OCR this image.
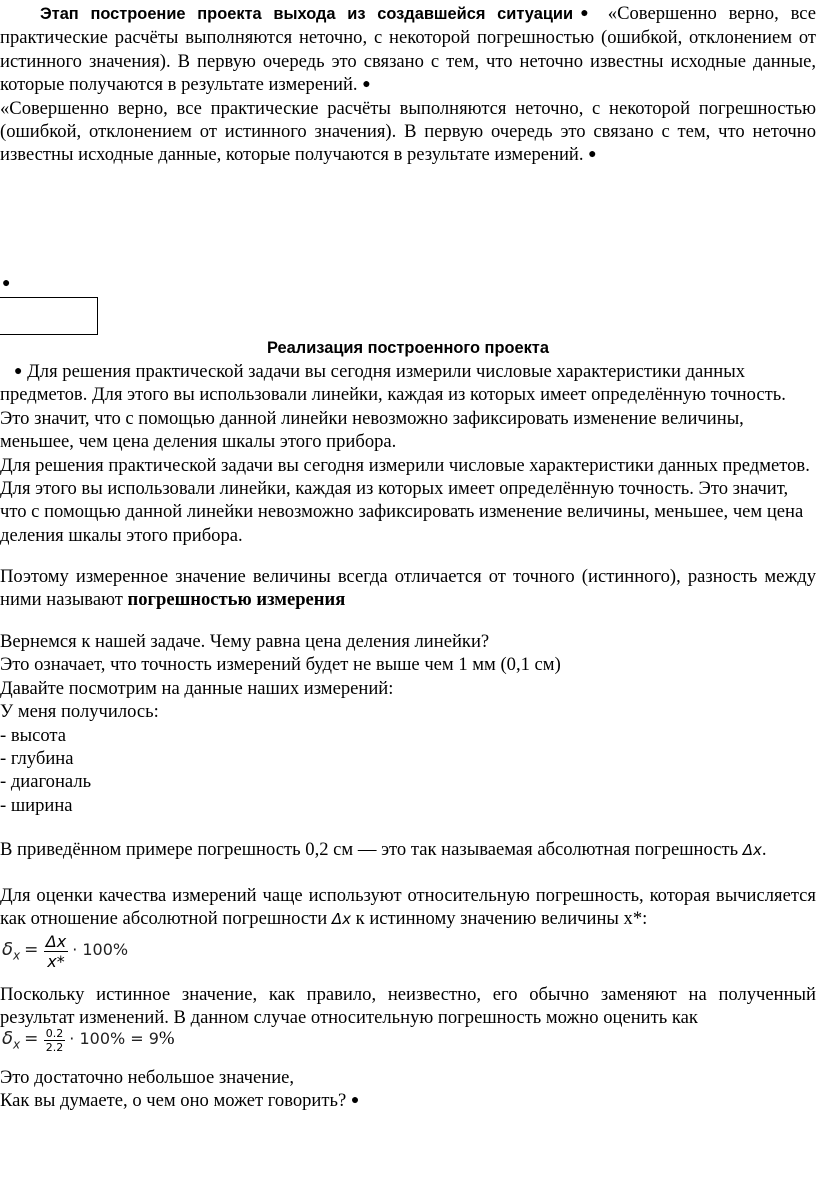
Этап построение проекта выхода из создавшейся ситуации● «Совершенно верно, все практические расчёты выполняются неточно, с некоторой погрешностью (ошибкой, отклонением от истинного значения). В первую очередь это связано с тем, что неточно известны исходные данные, которые получаются в результате измерений. ●

«Совершенно верно, все практические расчёты выполняются неточно, с некоторой погрешностью (ошибкой, отклонением от истинного значения). В первую очередь это связано с тем, что неточно известны исходные данные, которые получаются в результате измерений. ●

●
Реализация построенного проекта

● Для решения практической задачи вы сегодня измерили числовые характеристики данных предметов. Для этого вы использовали линейки, каждая из которых имеет определённую точность. Это значит, что с помощью данной линейки невозможно зафиксировать изменение величины, меньшее, чем цена деления шкалы этого прибора.

Для решения практической задачи вы сегодня измерили числовые характеристики данных предметов. Для этого вы использовали линейки, каждая из которых имеет определённую точность. Это значит, что с помощью данной линейки невозможно зафиксировать изменение величины, меньшее, чем цена деления шкалы этого прибора.

Поэтому измеренное значение величины всегда отличается от точного (истинного), разность между ними называют погрешностью измерения

Вернемся к нашей задаче. Чему равна цена деления линейки?

Это означает, что точность измерений будет не выше чем 1 мм (0,1 см)

Давайте посмотрим на данные наших измерений:

У меня получилось:

- высота

- глубина

- диагональ

- ширина

В приведённом примере погрешность 0,2 см — это так называемая абсолютная погрешность Δx.
Для оценки качества измерений чаще используют относительную погрешность, которая вычисляется как отношение абсолютной погрешности Δx к истинному значению величины х*:
$\delta_x = \frac{\Delta x}{x*} \cdot 100\%$
Поскольку истинное значение, как правило, неизвестно, его обычно заменяют на полученный результат изменений. В данном случае относительную погрешность можно оценить как
$\delta_x = \frac{0.2}{2.2} \cdot 100\% = 9\%$

Это достаточно небольшое значение,

Как вы думаете, о чем оно может говорить? ●
